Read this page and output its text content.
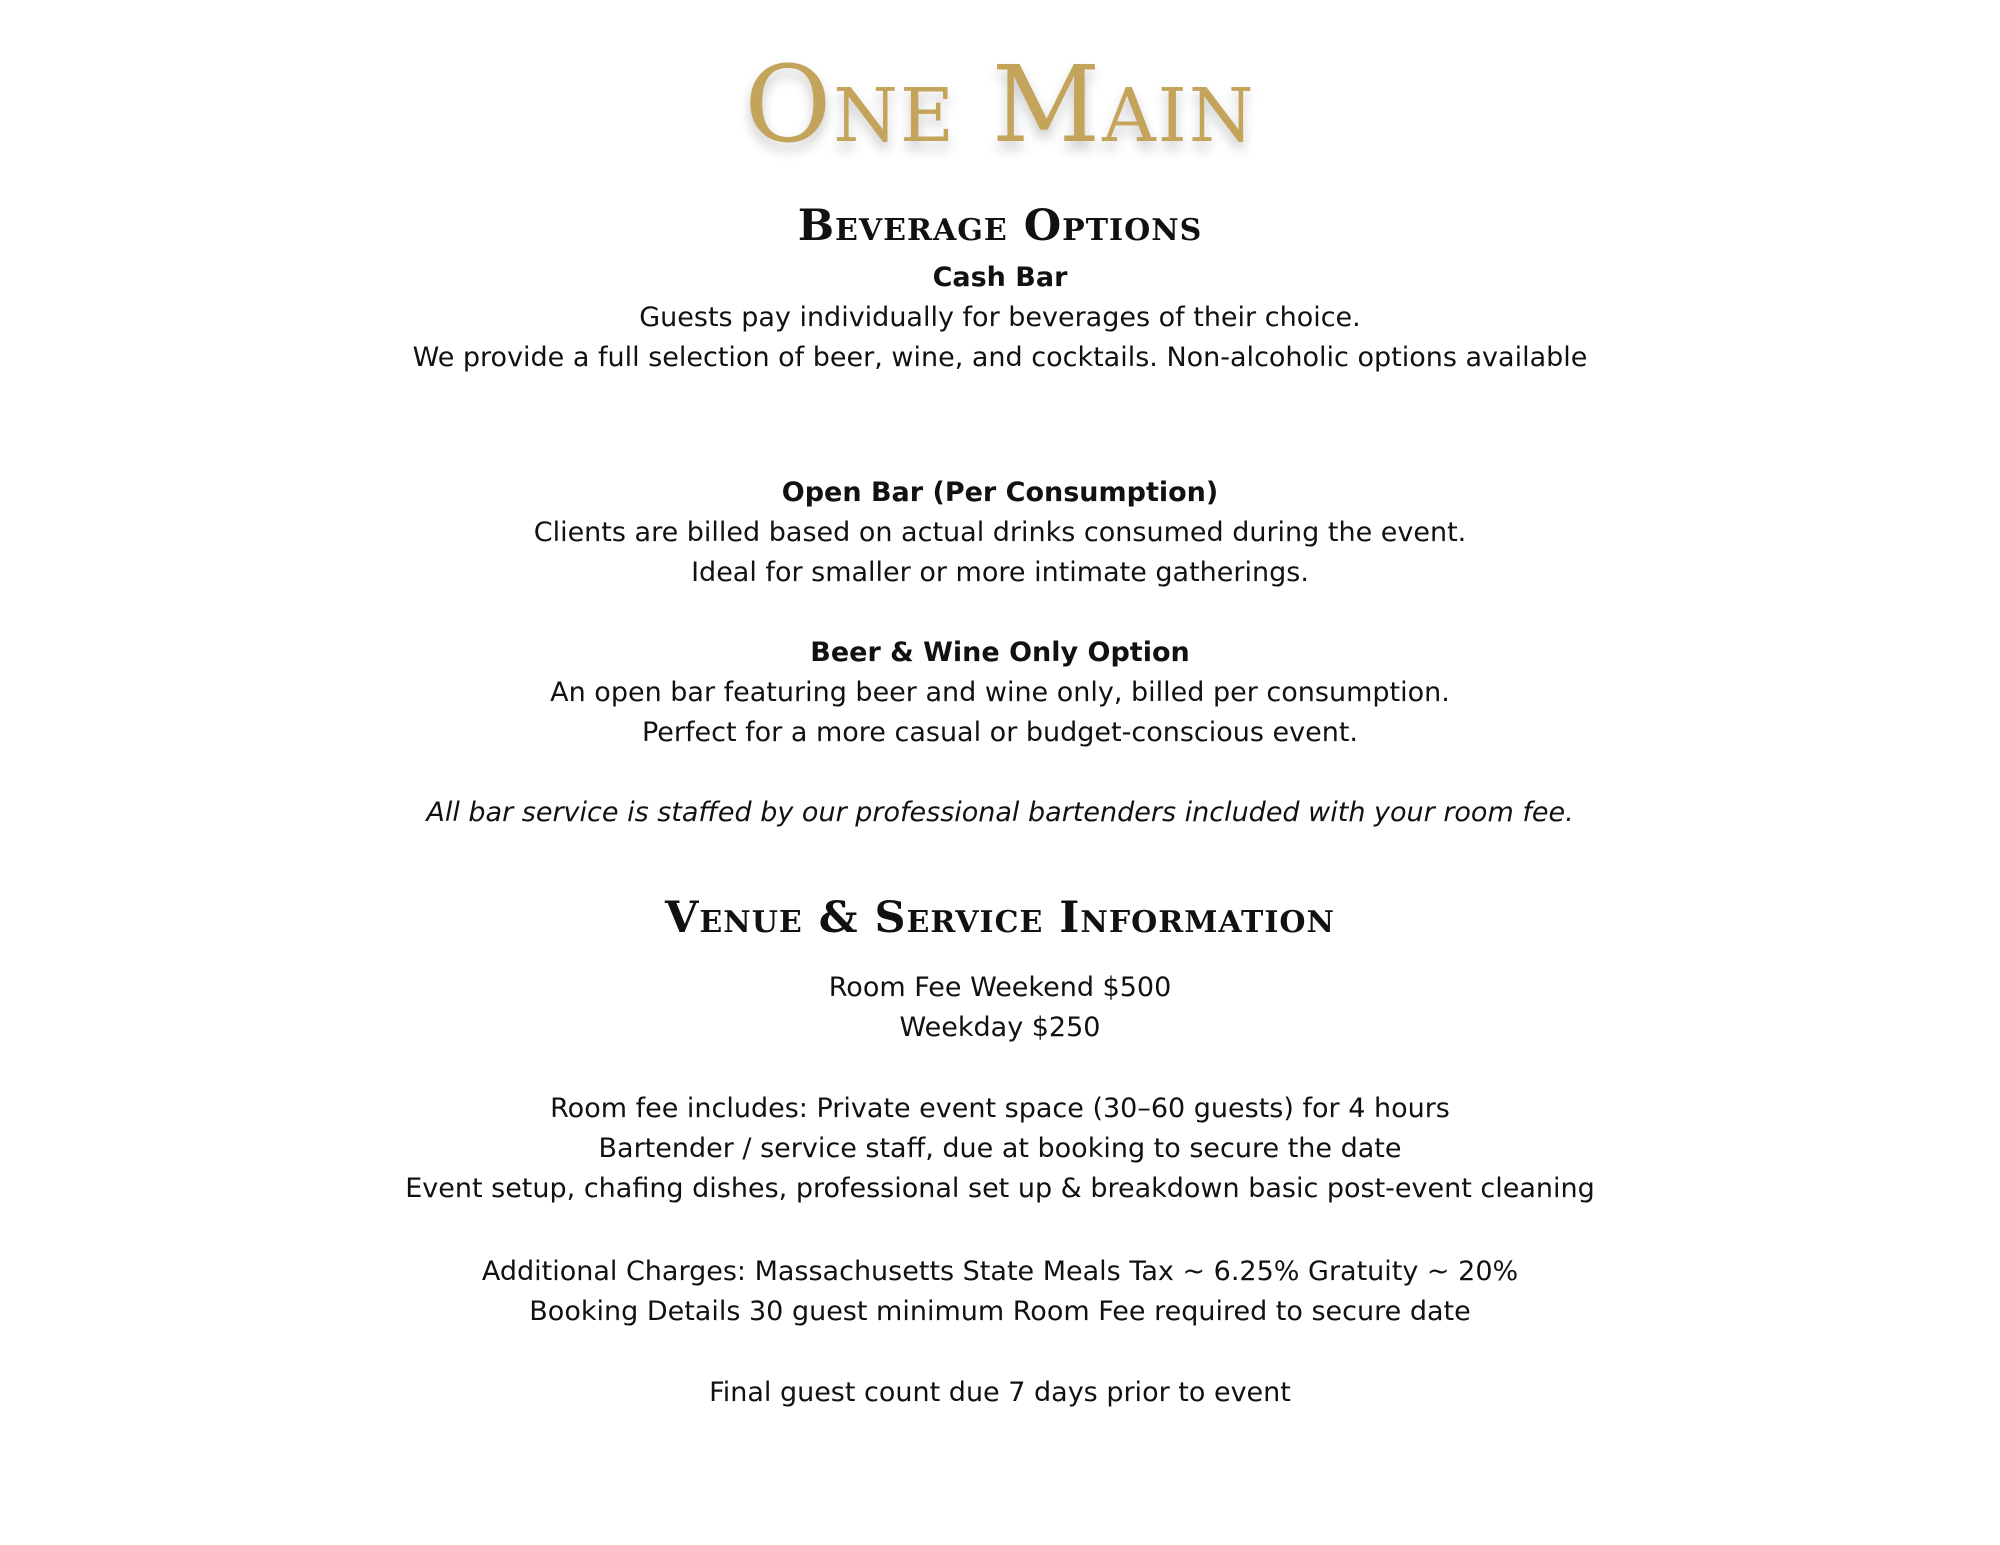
One Main
Beverage Options
Cash Bar
Guests pay individually for beverages of their choice.
We provide a full selection of beer, wine, and cocktails. Non-alcoholic options available
Open Bar (Per Consumption)
Clients are billed based on actual drinks consumed during the event.
Ideal for smaller or more intimate gatherings.
Beer & Wine Only Option
An open bar featuring beer and wine only, billed per consumption.
Perfect for a more casual or budget-conscious event.
All bar service is staffed by our professional bartenders included with your room fee.
Venue & Service Information
Room Fee Weekend $500
Weekday $250
Room fee includes: Private event space (30–60 guests) for 4 hours
Bartender / service staff, due at booking to secure the date
Event setup, chafing dishes, professional set up & breakdown basic post-event cleaning
Additional Charges: Massachusetts State Meals Tax ~ 6.25% Gratuity ~ 20%
Booking Details 30 guest minimum Room Fee required to secure date
Final guest count due 7 days prior to event
